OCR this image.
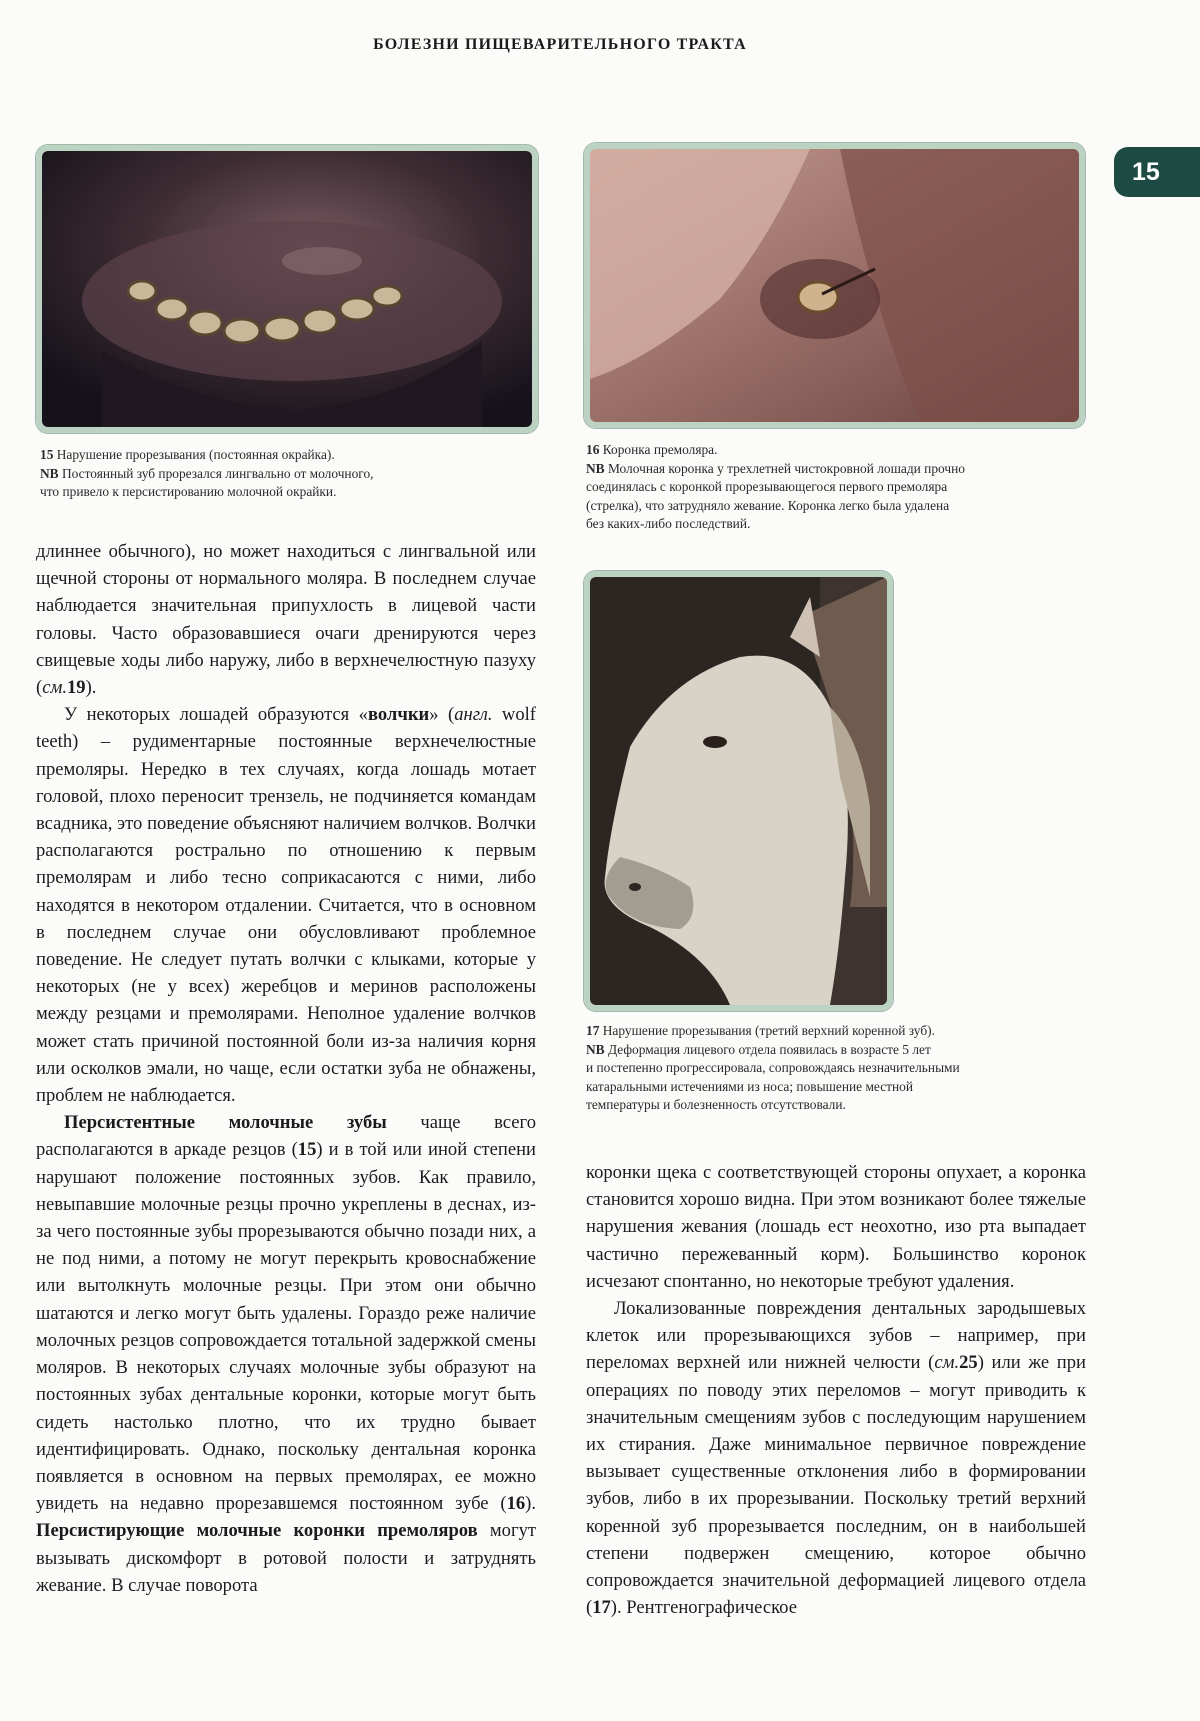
БОЛЕЗНИ ПИЩЕВАРИТЕЛЬНОГО ТРАКТА
15
15 Нарушение прорезывания (постоянная окрайка).
NB Постоянный зуб прорезался лингвально от молочного,
что привело к персистированию молочной окрайки.
16 Коронка премоляра.
NB Молочная коронка у трехлетней чистокровной лошади прочно
соединялась с коронкой прорезывающегося первого премоляра
(стрелка), что затрудняло жевание. Коронка легко была удалена
без каких-либо последствий.
17 Нарушение прорезывания (третий верхний коренной зуб).
NB Деформация лицевого отдела появилась в возрасте 5 лет
и постепенно прогрессировала, сопровождаясь незначительными
катаральными истечениями из носа; повышение местной
температуры и болезненность отсутствовали.

длиннее обычного), но может находиться с лингвальной или щечной стороны от нормального моляра. В последнем случае наблюдается значительная припухлость в лицевой части головы. Часто образовавшиеся очаги дренируются через свищевые ходы либо наружу, либо в верхнечелюстную пазуху (см.19).

У некоторых лошадей образуются «волчки» (англ. wolf teeth) – рудиментарные постоянные верхнечелюстные премоляры. Нередко в тех случаях, когда лошадь мотает головой, плохо переносит трензель, не подчиняется командам всадника, это поведение объясняют наличием волчков. Волчки располагаются рострально по отношению к первым премолярам и либо тесно соприкасаются с ними, либо находятся в некотором отдалении. Считается, что в основном в последнем случае они обусловливают проблемное поведение. Не следует путать волчки с клыками, которые у некоторых (не у всех) жеребцов и меринов расположены между резцами и премолярами. Неполное удаление волчков может стать причиной постоянной боли из-за наличия корня или осколков эмали, но чаще, если остатки зуба не обнажены, проблем не наблюдается.

Персистентные молочные зубы чаще всего располагаются в аркаде резцов (15) и в той или иной степени нарушают положение постоянных зубов. Как правило, невыпавшие молочные резцы прочно укреплены в деснах, из-за чего постоянные зубы прорезываются обычно позади них, а не под ними, а потому не могут перекрыть кровоснабжение или вытолкнуть молочные резцы. При этом они обычно шатаются и легко могут быть удалены. Гораздо реже наличие молочных резцов сопровождается тотальной задержкой смены моляров. В некоторых случаях молочные зубы образуют на постоянных зубах дентальные коронки, которые могут быть сидеть настолько плотно, что их трудно бывает идентифицировать. Однако, поскольку дентальная коронка появляется в основном на первых премолярах, ее можно увидеть на недавно прорезавшемся постоянном зубе (16). Персистирующие молочные коронки премоляров могут вызывать дискомфорт в ротовой полости и затруднять жевание. В случае поворота

коронки щека с соответствующей стороны опухает, а коронка становится хорошо видна. При этом возникают более тяжелые нарушения жевания (лошадь ест неохотно, изо рта выпадает частично пережеванный корм). Большинство коронок исчезают спонтанно, но некоторые требуют удаления.

Локализованные повреждения дентальных зародышевых клеток или прорезывающихся зубов – например, при переломах верхней или нижней челюсти (см.25) или же при операциях по поводу этих переломов – могут приводить к значительным смещениям зубов с последующим нарушением их стирания. Даже минимальное первичное повреждение вызывает существенные отклонения либо в формировании зубов, либо в их прорезывании. Поскольку третий верхний коренной зуб прорезывается последним, он в наибольшей степени подвержен смещению, которое обычно сопровождается значительной деформацией лицевого отдела (17). Рентгенографическое
